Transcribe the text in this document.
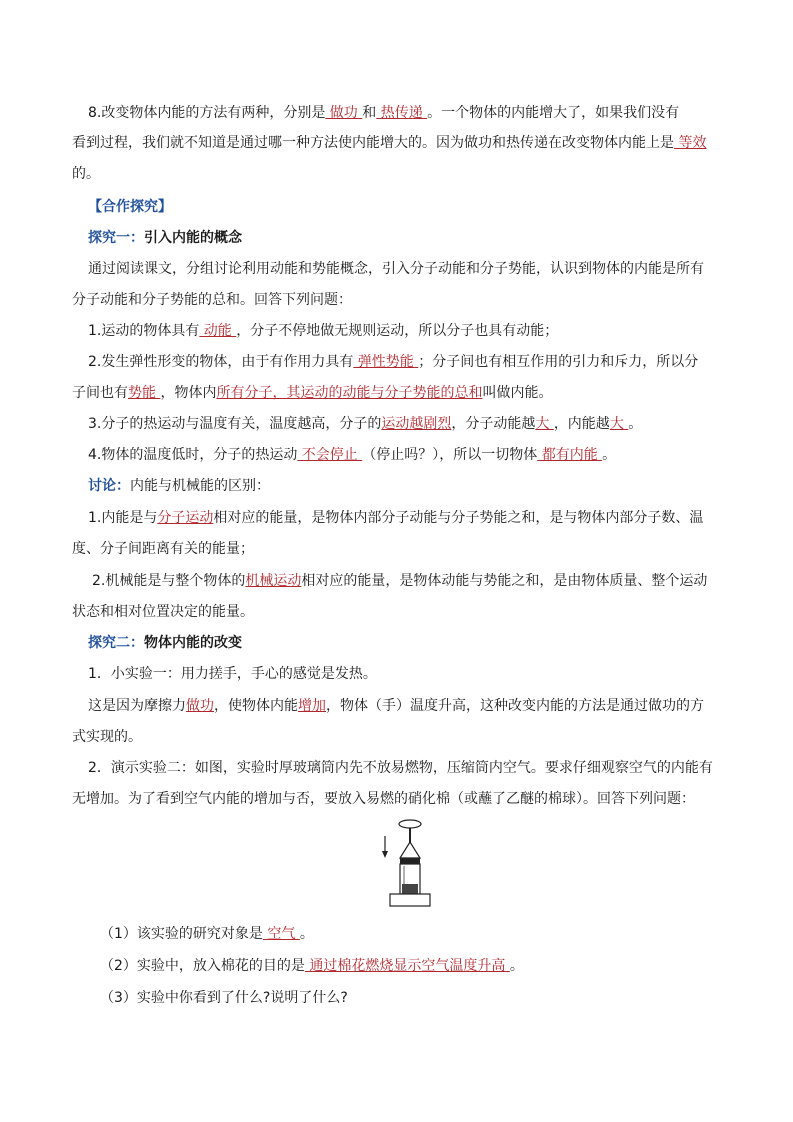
8.改变物体内能的方法有两种，分别是 做功 和 热传递 。一个物体的内能增大了，如果我们没有
看到过程，我们就不知道是通过哪一种方法使内能增大的。因为做功和热传递在改变物体内能上是 等效
的。
【合作探究】
探究一：引入内能的概念
通过阅读课文，分组讨论利用动能和势能概念，引入分子动能和分子势能，认识到物体的内能是所有
分子动能和分子势能的总和。回答下列问题：
1.运动的物体具有 动能 ，分子不停地做无规则运动，所以分子也具有动能；
2.发生弹性形变的物体，由于有作用力具有 弹性势能 ；分子间也有相互作用的引力和斥力，所以分
子间也有势能 ，物体内所有分子，其运动的动能与分子势能的总和叫做内能。
3.分子的热运动与温度有关，温度越高，分子的运动越剧烈，分子动能越大 ，内能越大 。
4.物体的温度低时，分子的热运动 不会停止 （停止吗？），所以一切物体 都有内能 。
讨论：内能与机械能的区别：
1.内能是与分子运动相对应的能量，是物体内部分子动能与分子势能之和，是与物体内部分子数、温
度、分子间距离有关的能量；
2.机械能是与整个物体的机械运动相对应的能量，是物体动能与势能之和，是由物体质量、整个运动
状态和相对位置决定的能量。
探究二：物体内能的改变
1．小实验一：用力搓手，手心的感觉是发热。
这是因为摩擦力做功，使物体内能增加，物体（手）温度升高，这种改变内能的方法是通过做功的方
式实现的。
2．演示实验二：如图，实验时厚玻璃筒内先不放易燃物，压缩筒内空气。要求仔细观察空气的内能有
无增加。为了看到空气内能的增加与否，要放入易燃的硝化棉（或蘸了乙醚的棉球）。回答下列问题：
（1）该实验的研究对象是 空气 。
（2）实验中，放入棉花的目的是 通过棉花燃烧显示空气温度升高 。
（3）实验中你看到了什么?说明了什么?
